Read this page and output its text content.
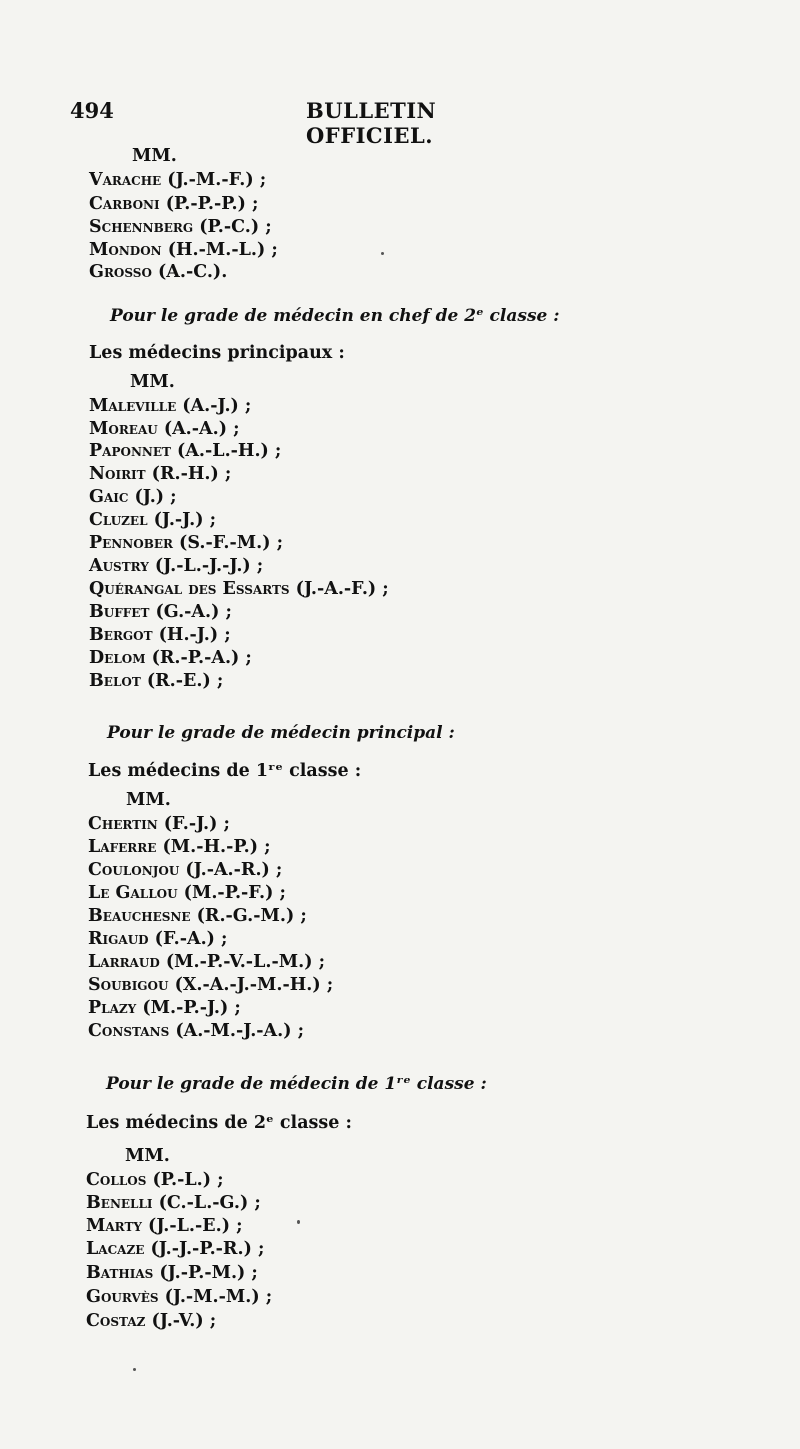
494	BULLETIN OFFICIEL.
MM.
Varache (J.-M.-F.) ;
Carboni (P.-P.-P.) ;
Schennberg (P.-C.) ;
Mondon (H.-M.-L.) ;
Grosso (A.-C.).
Pour le grade de médecin en chef de 2ᵉ classe :
Les médecins principaux :
MM.
Maleville (A.-J.) ;
Moreau (A.-A.) ;
Paponnet (A.-L.-H.) ;
Noirit (R.-H.) ;
Gaic (J.) ;
Cluzel (J.-J.) ;
Pennober (S.-F.-M.) ;
Austry (J.-L.-J.-J.) ;
Quérangal des Essarts (J.-A.-F.) ;
Buffet (G.-A.) ;
Bergot (H.-J.) ;
Delom (R.-P.-A.) ;
Belot (R.-E.) ;
Pour le grade de médecin principal :
Les médecins de 1ʳᵉ classe :
MM.
Chertin (F.-J.) ;
Laferre (M.-H.-P.) ;
Coulonjou (J.-A.-R.) ;
Le Gallou (M.-P.-F.) ;
Beauchesne (R.-G.-M.) ;
Rigaud (F.-A.) ;
Larraud (M.-P.-V.-L.-M.) ;
Soubigou (X.-A.-J.-M.-H.) ;
Plazy (M.-P.-J.) ;
Constans (A.-M.-J.-A.) ;
Pour le grade de médecin de 1ʳᵉ classe :
Les médecins de 2ᵉ classe :
MM.
Collos (P.-L.) ;
Benelli (C.-L.-G.) ;
Marty (J.-L.-E.) ;
Lacaze (J.-J.-P.-R.) ;
Bathias (J.-P.-M.) ;
Gourvès (J.-M.-M.) ;
Costaz (J.-V.) ;
